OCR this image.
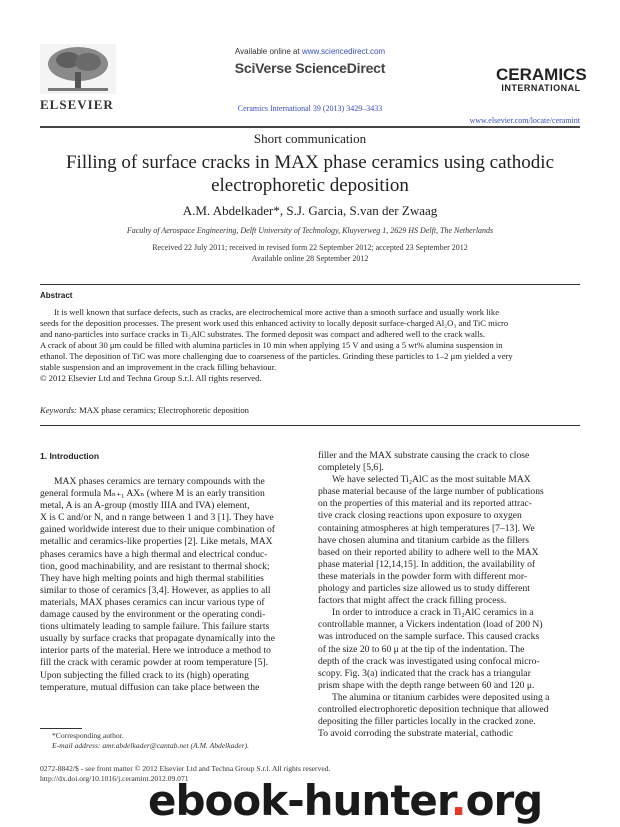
Available online at www.sciencedirect.com
ELSEVIER
SciVerse ScienceDirect
Ceramics International 39 (2013) 3429–3433
CERAMICS
INTERNATIONAL
www.elsevier.com/locate/ceramint
Short communication
Filling of surface cracks in MAX phase ceramics using cathodic
electrophoretic deposition
A.M. Abdelkader*, S.J. Garcia, S.van der Zwaag
Faculty of Aerospace Engineering, Delft University of Technology, Kluyverweg 1, 2629 HS Delft, The Netherlands
Received 22 July 2011; received in revised form 22 September 2012; accepted 23 September 2012
Available online 28 September 2012
Abstract
It is well known that surface defects, such as cracks, are electrochemical more active than a smooth surface and usually work like
seeds for the deposition processes. The present work used this enhanced activity to locally deposit surface-charged Al₂O₃ and TiC micro
and nano-particles into surface cracks in Ti₂AlC substrates. The formed deposit was compact and adhered well to the crack walls.
A crack of about 30 μm could be filled with alumina particles in 10 min when applying 15 V and using a 5 wt% alumina suspension in
ethanol. The deposition of TiC was more challenging due to coarseness of the particles. Grinding these particles to 1–2 μm yielded a very
stable suspension and an improvement in the crack filling behaviour.
© 2012 Elsevier Ltd and Techna Group S.r.l. All rights reserved.
Keywords: MAX phase ceramics; Electrophoretic deposition
1. Introduction
MAX phases ceramics are ternary compounds with the
general formula Mₙ₊₁ AXₙ (where M is an early transition
metal, A is an A-group (mostly IIIA and IVA) element,
X is C and/or N, and n range between 1 and 3 [1]. They have
gained worldwide interest due to their unique combination of
metallic and ceramics-like properties [2]. Like metals, MAX
phases ceramics have a high thermal and electrical conduc-
tion, good machinability, and are resistant to thermal shock;
They have high melting points and high thermal stabilities
similar to those of ceramics [3,4]. However, as applies to all
materials, MAX phases ceramics can incur various type of
damage caused by the environment or the operating condi-
tions ultimately leading to sample failure. This failure starts
usually by surface cracks that propagate dynamically into the
interior parts of the material. Here we introduce a method to
fill the crack with ceramic powder at room temperature [5].
Upon subjecting the filled crack to its (high) operating
temperature, mutual diffusion can take place between the
filler and the MAX substrate causing the crack to close
completely [5,6].
We have selected Ti₂AlC as the most suitable MAX
phase material because of the large number of publications
on the properties of this material and its reported attrac-
tive crack closing reactions upon exposure to oxygen
containing atmospheres at high temperatures [7–13]. We
have chosen alumina and titanium carbide as the fillers
based on their reported ability to adhere well to the MAX
phase material [12,14,15]. In addition, the availability of
these materials in the powder form with different mor-
phology and particles size allowed us to study different
factors that might affect the crack filling process.
In order to introduce a crack in Ti₂AlC ceramics in a
controllable manner, a Vickers indentation (load of 200 N)
was introduced on the sample surface. This caused cracks
of the size 20 to 60 μ at the tip of the indentation. The
depth of the crack was investigated using confocal micro-
scopy. Fig. 3(a) indicated that the crack has a triangular
prism shape with the depth range between 60 and 120 μ.
The alumina or titanium carbides were deposited using a
controlled electrophoretic deposition technique that allowed
depositing the filler particles locally in the cracked zone.
To avoid corroding the substrate material, cathodic
*Corresponding author.
E-mail address: amr.abdelkader@cantab.net (A.M. Abdelkader).
0272-8842/$ - see front matter © 2012 Elsevier Ltd and Techna Group S.r.l. All rights reserved.
http://dx.doi.org/10.1016/j.ceramint.2012.09.071
ebook-hunter.org
